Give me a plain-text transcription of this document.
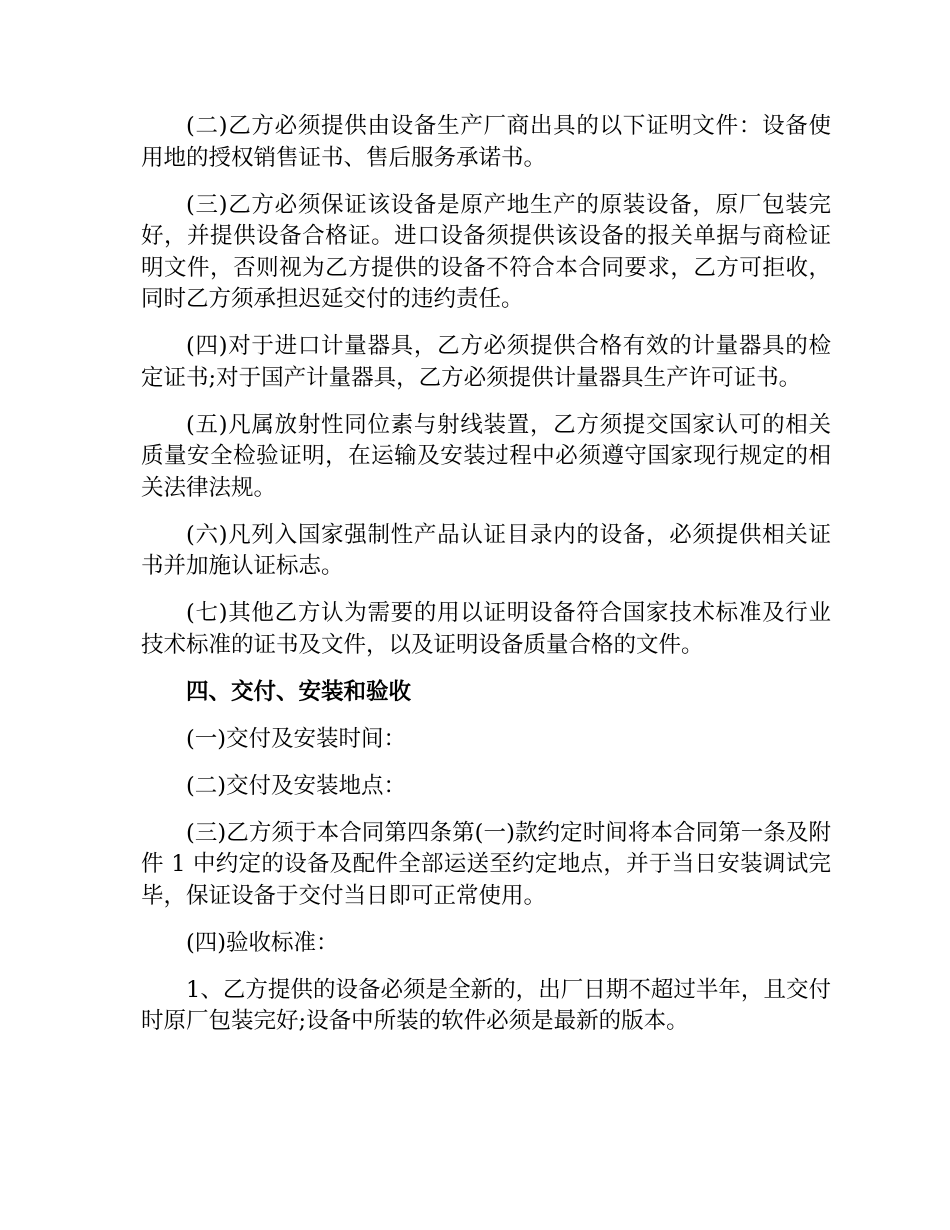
(二)乙方必须提供由设备生产厂商出具的以下证明文件：设备使用地的授权销售证书、售后服务承诺书。

(三)乙方必须保证该设备是原产地生产的原装设备，原厂包装完好，并提供设备合格证。进口设备须提供该设备的报关单据与商检证明文件，否则视为乙方提供的设备不符合本合同要求，乙方可拒收，同时乙方须承担迟延交付的违约责任。

(四)对于进口计量器具，乙方必须提供合格有效的计量器具的检定证书;对于国产计量器具，乙方必须提供计量器具生产许可证书。

(五)凡属放射性同位素与射线装置，乙方须提交国家认可的相关质量安全检验证明，在运输及安装过程中必须遵守国家现行规定的相关法律法规。

(六)凡列入国家强制性产品认证目录内的设备，必须提供相关证书并加施认证标志。

(七)其他乙方认为需要的用以证明设备符合国家技术标准及行业技术标准的证书及文件，以及证明设备质量合格的文件。

四、交付、安装和验收

(一)交付及安装时间：

(二)交付及安装地点：

(三)乙方须于本合同第四条第(一)款约定时间将本合同第一条及附件 1 中约定的设备及配件全部运送至约定地点，并于当日安装调试完毕，保证设备于交付当日即可正常使用。

(四)验收标准：

1、乙方提供的设备必须是全新的，出厂日期不超过半年，且交付时原厂包装完好;设备中所装的软件必须是最新的版本。
